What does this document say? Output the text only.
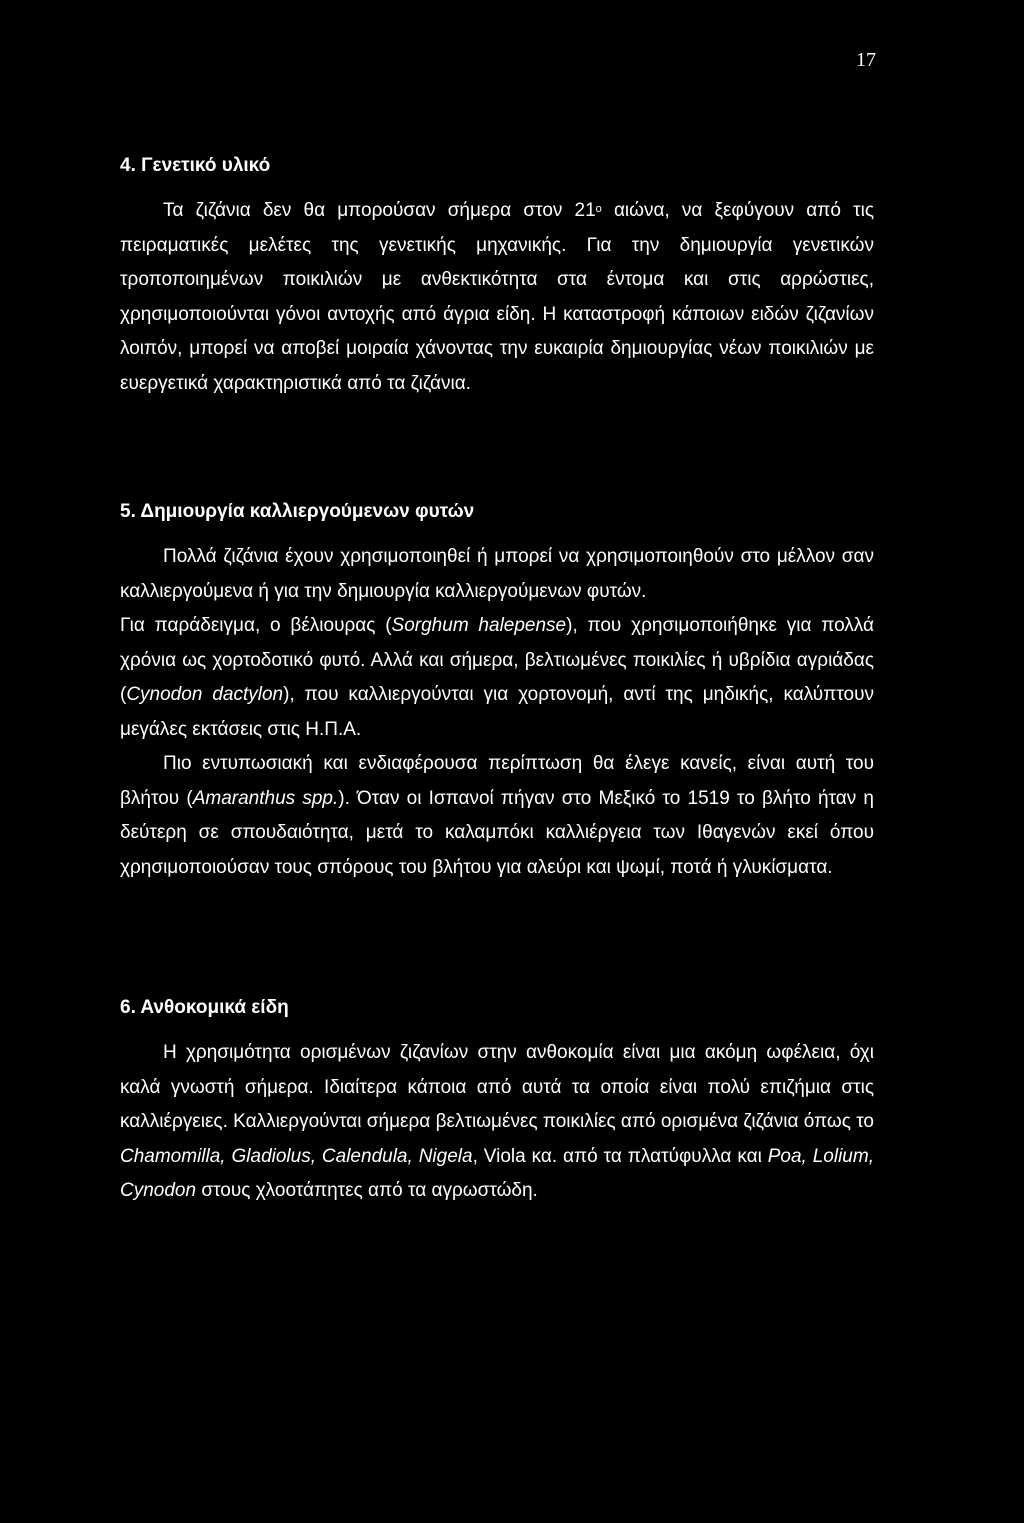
17
4. Γενετικό υλικό

Τα ζιζάνια δεν θα μπορούσαν σήμερα στον $21^o$ αιώνα, να ξεφύγουν από τις πειραματικές μελέτες της γενετικής μηχανικής. Για την δημιουργία γενετικών τροποποιημένων ποικιλιών με ανθεκτικότητα στα έντομα και στις αρρώστιες, χρησιμοποιούνται γόνοι αντοχής από άγρια είδη. Η καταστροφή κάποιων ειδών ζιζανίων λοιπόν, μπορεί να αποβεί μοιραία χάνοντας την ευκαιρία δημιουργίας νέων ποικιλιών με ευεργετικά χαρακτηριστικά από τα ζιζάνια.

5. Δημιουργία καλλιεργούμενων φυτών

Πολλά ζιζάνια έχουν χρησιμοποιηθεί ή μπορεί να χρησιμοποιηθούν στο μέλλον σαν καλλιεργούμενα ή για την δημιουργία καλλιεργούμενων φυτών.

Για παράδειγμα, ο βέλιουρας (Sorghum halepense), που χρησιμοποιήθηκε για πολλά χρόνια ως χορτοδοτικό φυτό. Αλλά και σήμερα, βελτιωμένες ποικιλίες ή υβρίδια αγριάδας (Cynodon dactylon), που καλλιεργούνται για χορτονομή, αντί της μηδικής, καλύπτουν μεγάλες εκτάσεις στις Η.Π.Α.

Πιο εντυπωσιακή και ενδιαφέρουσα περίπτωση θα έλεγε κανείς, είναι αυτή του βλήτου (Amaranthus spp.). Όταν οι Ισπανοί πήγαν στο Μεξικό το 1519 το βλήτο ήταν η δεύτερη σε σπουδαιότητα, μετά το καλαμπόκι καλλιέργεια των Ιθαγενών εκεί όπου χρησιμοποιούσαν τους σπόρους του βλήτου για αλεύρι και ψωμί, ποτά ή γλυκίσματα.

6. Ανθοκομικά είδη

Η χρησιμότητα ορισμένων ζιζανίων στην ανθοκομία είναι μια ακόμη ωφέλεια, όχι καλά γνωστή σήμερα. Ιδιαίτερα κάποια από αυτά τα οποία είναι πολύ επιζήμια στις καλλιέργειες. Καλλιεργούνται σήμερα βελτιωμένες ποικιλίες από ορισμένα ζιζάνια όπως το Chamomilla, Gladiolus, Calendula, Nigela, Viola κα. από τα πλατύφυλλα και Poa, Lolium, Cynodon στους χλοοτάπητες από τα αγρωστώδη.
